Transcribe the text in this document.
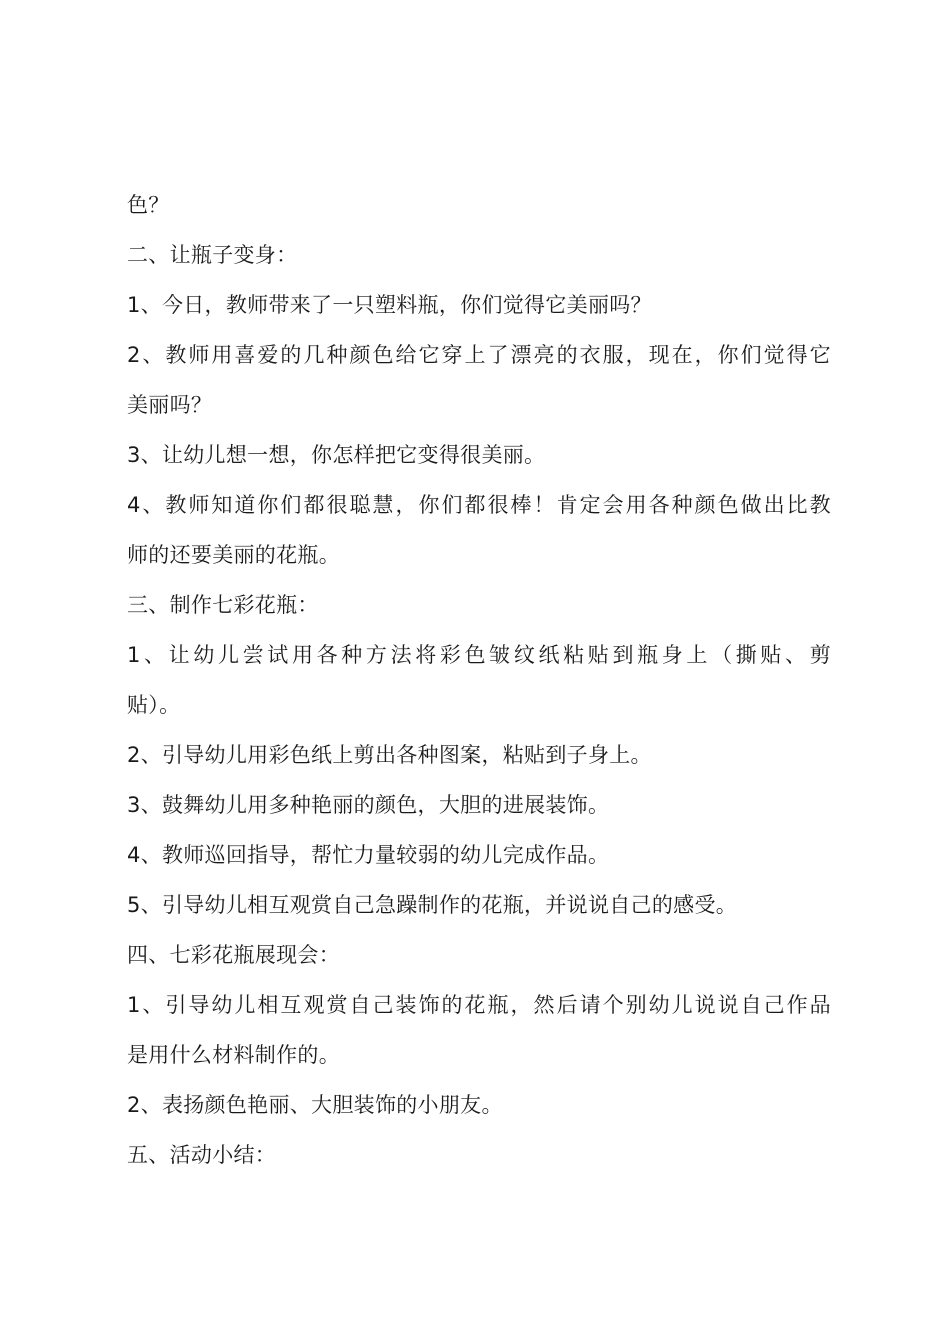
色？

二、让瓶子变身：

1、今日，教师带来了一只塑料瓶，你们觉得它美丽吗？

2、教师用喜爱的几种颜色给它穿上了漂亮的衣服，现在，你们觉得它

美丽吗？

3、让幼儿想一想，你怎样把它变得很美丽。

4、教师知道你们都很聪慧，你们都很棒！肯定会用各种颜色做出比教

师的还要美丽的花瓶。

三、制作七彩花瓶：

1、让幼儿尝试用各种方法将彩色皱纹纸粘贴到瓶身上（撕贴、剪

贴）。

2、引导幼儿用彩色纸上剪出各种图案，粘贴到子身上。

3、鼓舞幼儿用多种艳丽的颜色，大胆的进展装饰。

4、教师巡回指导，帮忙力量较弱的幼儿完成作品。

5、引导幼儿相互观赏自己急躁制作的花瓶，并说说自己的感受。

四、七彩花瓶展现会：

1、引导幼儿相互观赏自己装饰的花瓶，然后请个别幼儿说说自己作品

是用什么材料制作的。

2、表扬颜色艳丽、大胆装饰的小朋友。

五、活动小结：
